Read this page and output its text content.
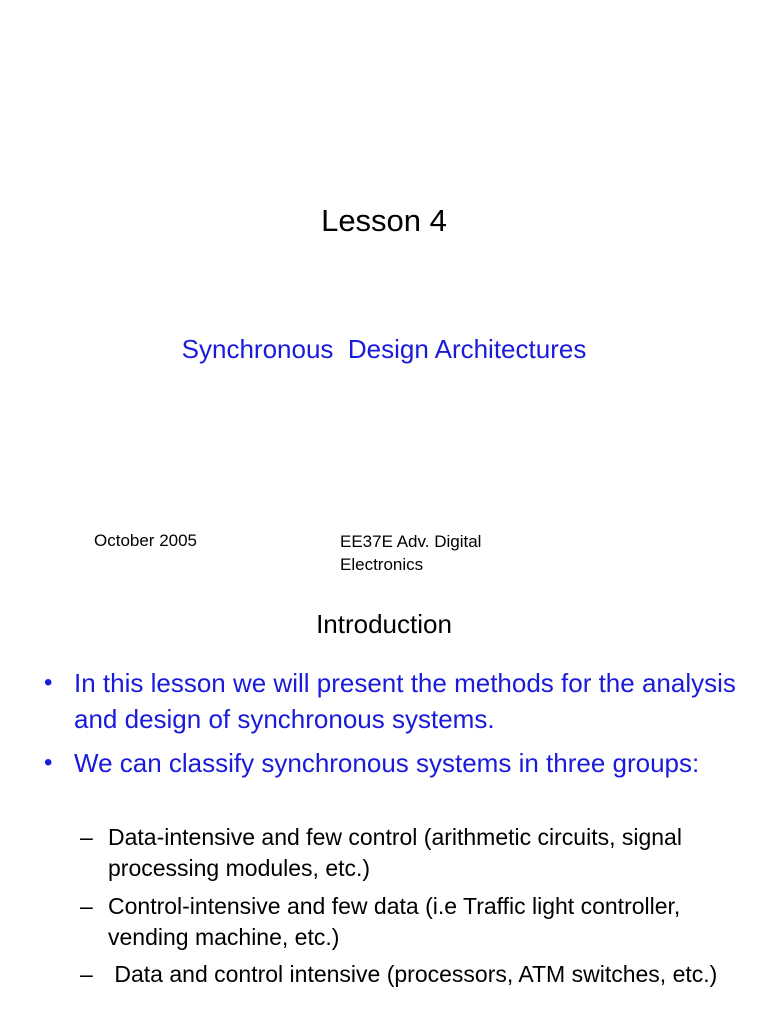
Lesson 4
Synchronous  Design Architectures
October 2005	EE37E Adv. Digital Electronics
Introduction
• In this lesson we will present the methods for the analysis and design of synchronous systems.
• We can classify synchronous systems in three groups:
– Data-intensive and few control (arithmetic circuits, signal processing modules, etc.)
– Control-intensive and few data (i.e Traffic light controller, vending machine, etc.)
– Data and control intensive (processors, ATM switches, etc.)
